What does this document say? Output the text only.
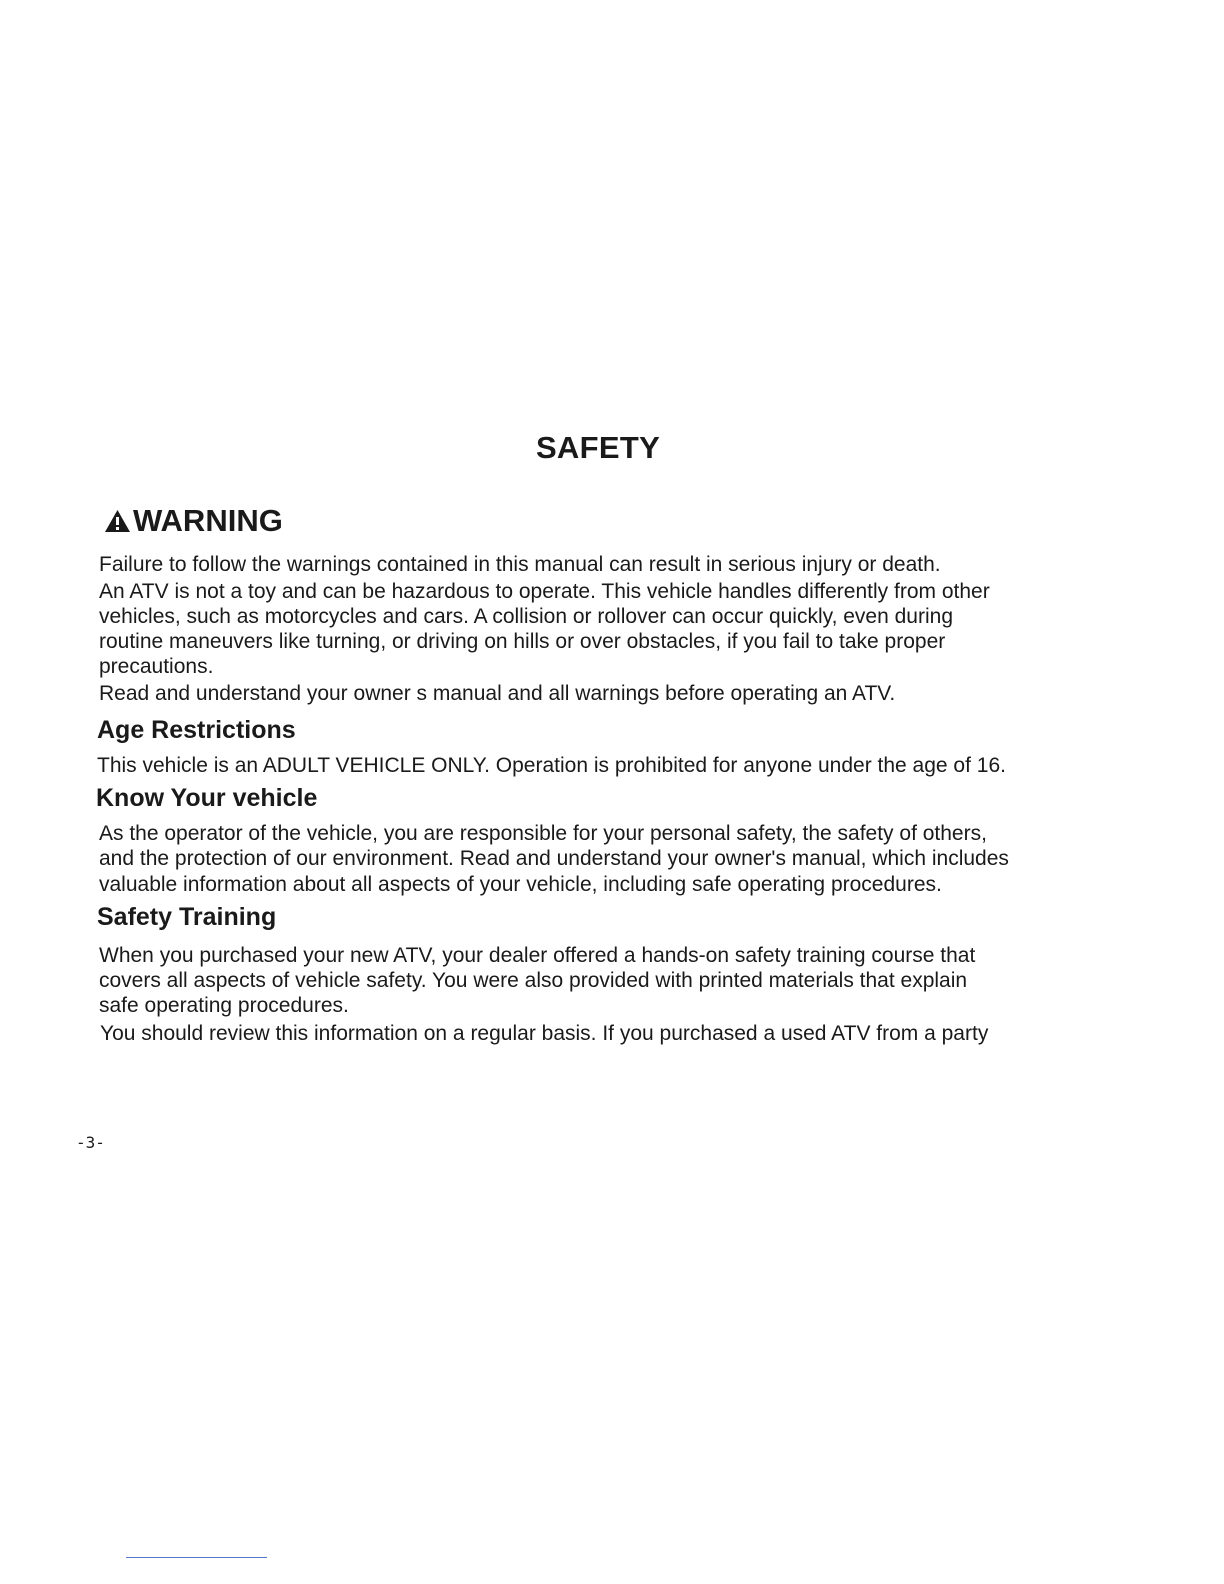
SAFETY
WARNING
Failure to follow the warnings contained in this manual can result in serious injury or death.
An ATV is not a toy and can be hazardous to operate. This vehicle handles differently from other
vehicles, such as motorcycles and cars. A collision or rollover can occur quickly, even during
routine maneuvers like turning, or driving on hills or over obstacles, if you fail to take proper
precautions.
Read and understand your owner s manual and all warnings before operating an ATV.
Age Restrictions
This vehicle is an ADULT VEHICLE ONLY. Operation is prohibited for anyone under the age of 16.
Know Your vehicle
As the operator of the vehicle, you are responsible for your personal safety, the safety of others,
and the protection of our environment. Read and understand your owner's manual, which includes
valuable information about all aspects of your vehicle, including safe operating procedures.
Safety Training
When you purchased your new ATV, your dealer offered a hands-on safety training course that
covers all aspects of vehicle safety. You were also provided with printed materials that explain
safe operating procedures.
You should review this information on a regular basis. If you purchased a used ATV from a party
-3-
